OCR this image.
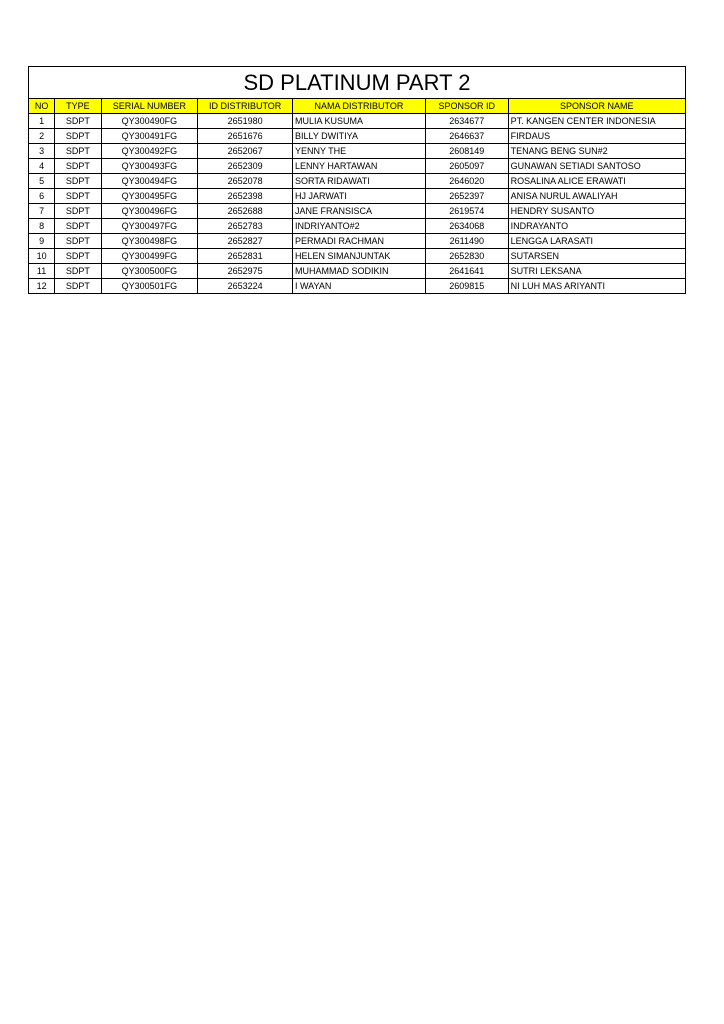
SD PLATINUM PART 2						
NO	TYPE	SERIAL NUMBER	ID DISTRIBUTOR	NAMA DISTRIBUTOR	SPONSOR ID	SPONSOR NAME
1	SDPT	QY300490FG	2651980	MULIA KUSUMA	2634677	PT. KANGEN CENTER INDONESIA
2	SDPT	QY300491FG	2651676	BILLY DWITIYA	2646637	FIRDAUS
3	SDPT	QY300492FG	2652067	YENNY THE	2608149	TENANG BENG SUN#2
4	SDPT	QY300493FG	2652309	LENNY HARTAWAN	2605097	GUNAWAN SETIADI SANTOSO
5	SDPT	QY300494FG	2652078	SORTA RIDAWATI	2646020	ROSALINA ALICE ERAWATI
6	SDPT	QY300495FG	2652398	HJ JARWATI	2652397	ANISA NURUL AWALIYAH
7	SDPT	QY300496FG	2652688	JANE FRANSISCA	2619574	HENDRY SUSANTO
8	SDPT	QY300497FG	2652783	INDRIYANTO#2	2634068	INDRAYANTO
9	SDPT	QY300498FG	2652827	PERMADI RACHMAN	2611490	LENGGA LARASATI
10	SDPT	QY300499FG	2652831	HELEN SIMANJUNTAK	2652830	SUTARSEN
11	SDPT	QY300500FG	2652975	MUHAMMAD SODIKIN	2641641	SUTRI LEKSANA
12	SDPT	QY300501FG	2653224	I WAYAN	2609815	NI LUH MAS ARIYANTI
